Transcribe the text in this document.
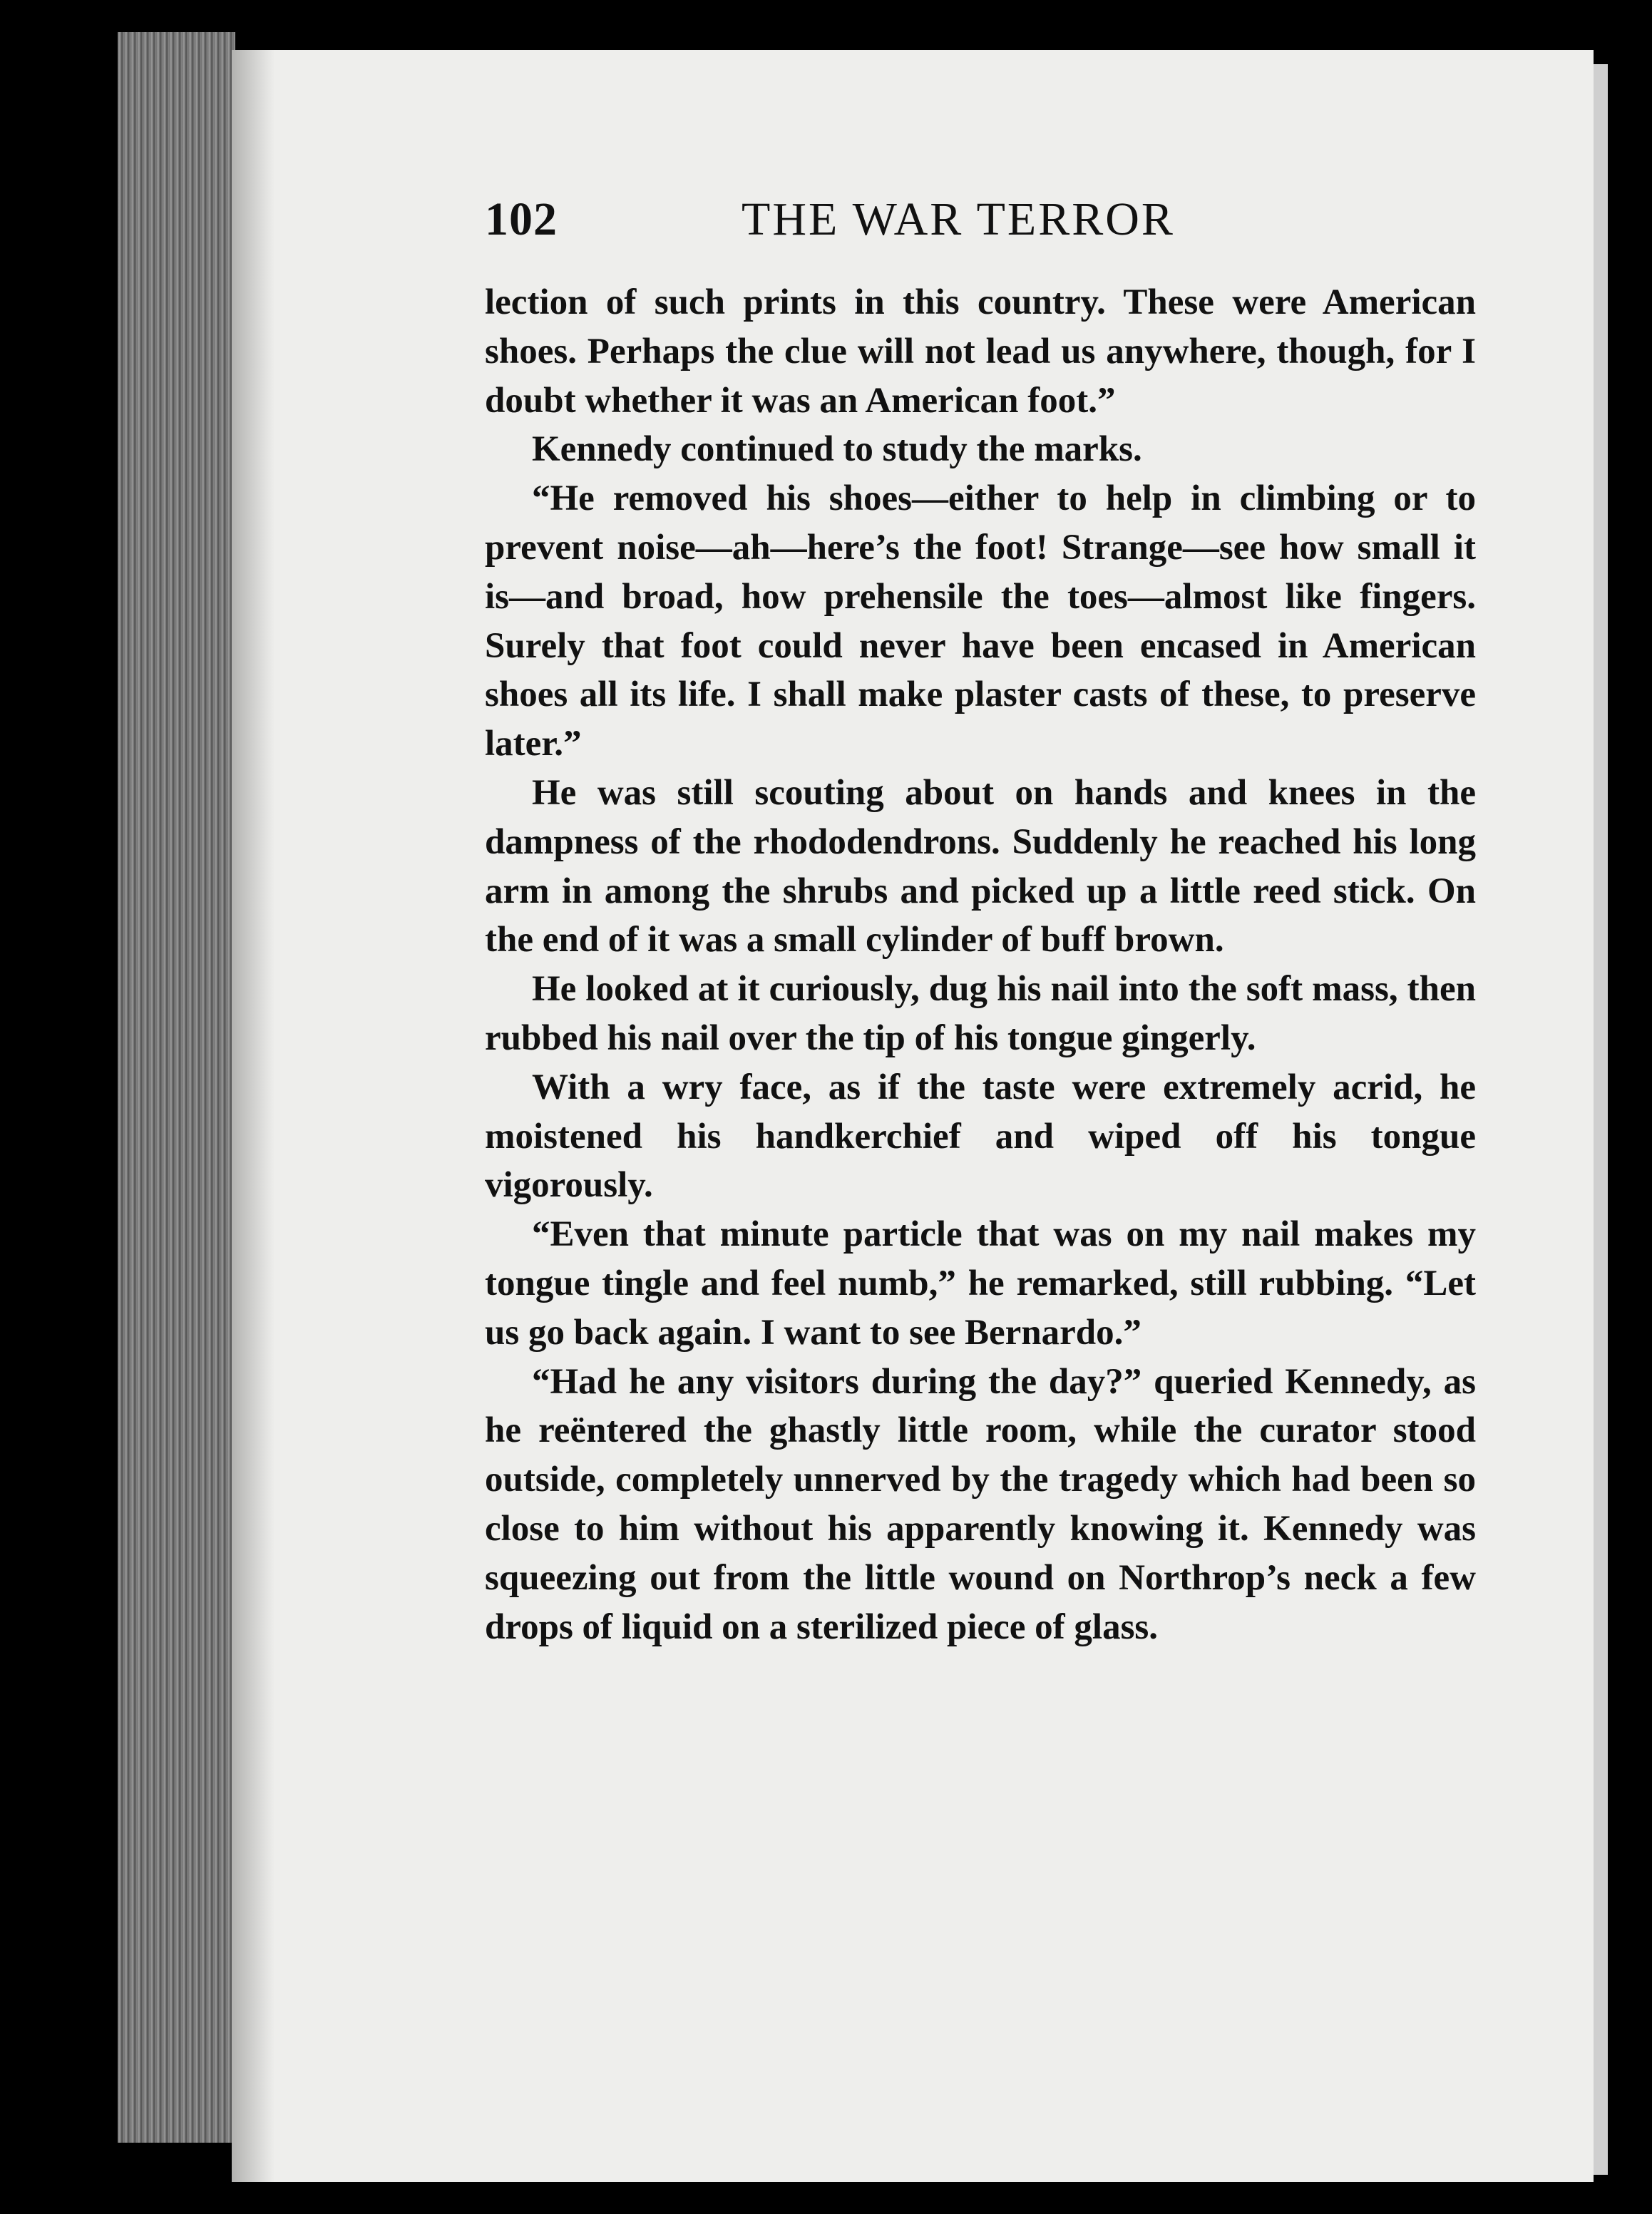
102	THE WAR TERROR

lection of such prints in this country. These were American shoes. Perhaps the clue will not lead us anywhere, though, for I doubt whether it was an American foot.”

Kennedy continued to study the marks.

“He removed his shoes—either to help in climbing or to prevent noise—ah—here’s the foot! Strange—see how small it is—and broad, how prehensile the toes—almost like fingers. Surely that foot could never have been encased in American shoes all its life. I shall make plaster casts of these, to preserve later.”

He was still scouting about on hands and knees in the dampness of the rhododendrons. Suddenly he reached his long arm in among the shrubs and picked up a little reed stick. On the end of it was a small cylinder of buff brown.

He looked at it curiously, dug his nail into the soft mass, then rubbed his nail over the tip of his tongue gingerly.

With a wry face, as if the taste were extremely acrid, he moistened his handkerchief and wiped off his tongue vigorously.

“Even that minute particle that was on my nail makes my tongue tingle and feel numb,” he remarked, still rubbing. “Let us go back again. I want to see Bernardo.”

“Had he any visitors during the day?” queried Kennedy, as he reëntered the ghastly little room, while the curator stood outside, completely unnerved by the tragedy which had been so close to him without his apparently knowing it. Kennedy was squeezing out from the little wound on Northrop’s neck a few drops of liquid on a sterilized piece of glass.
